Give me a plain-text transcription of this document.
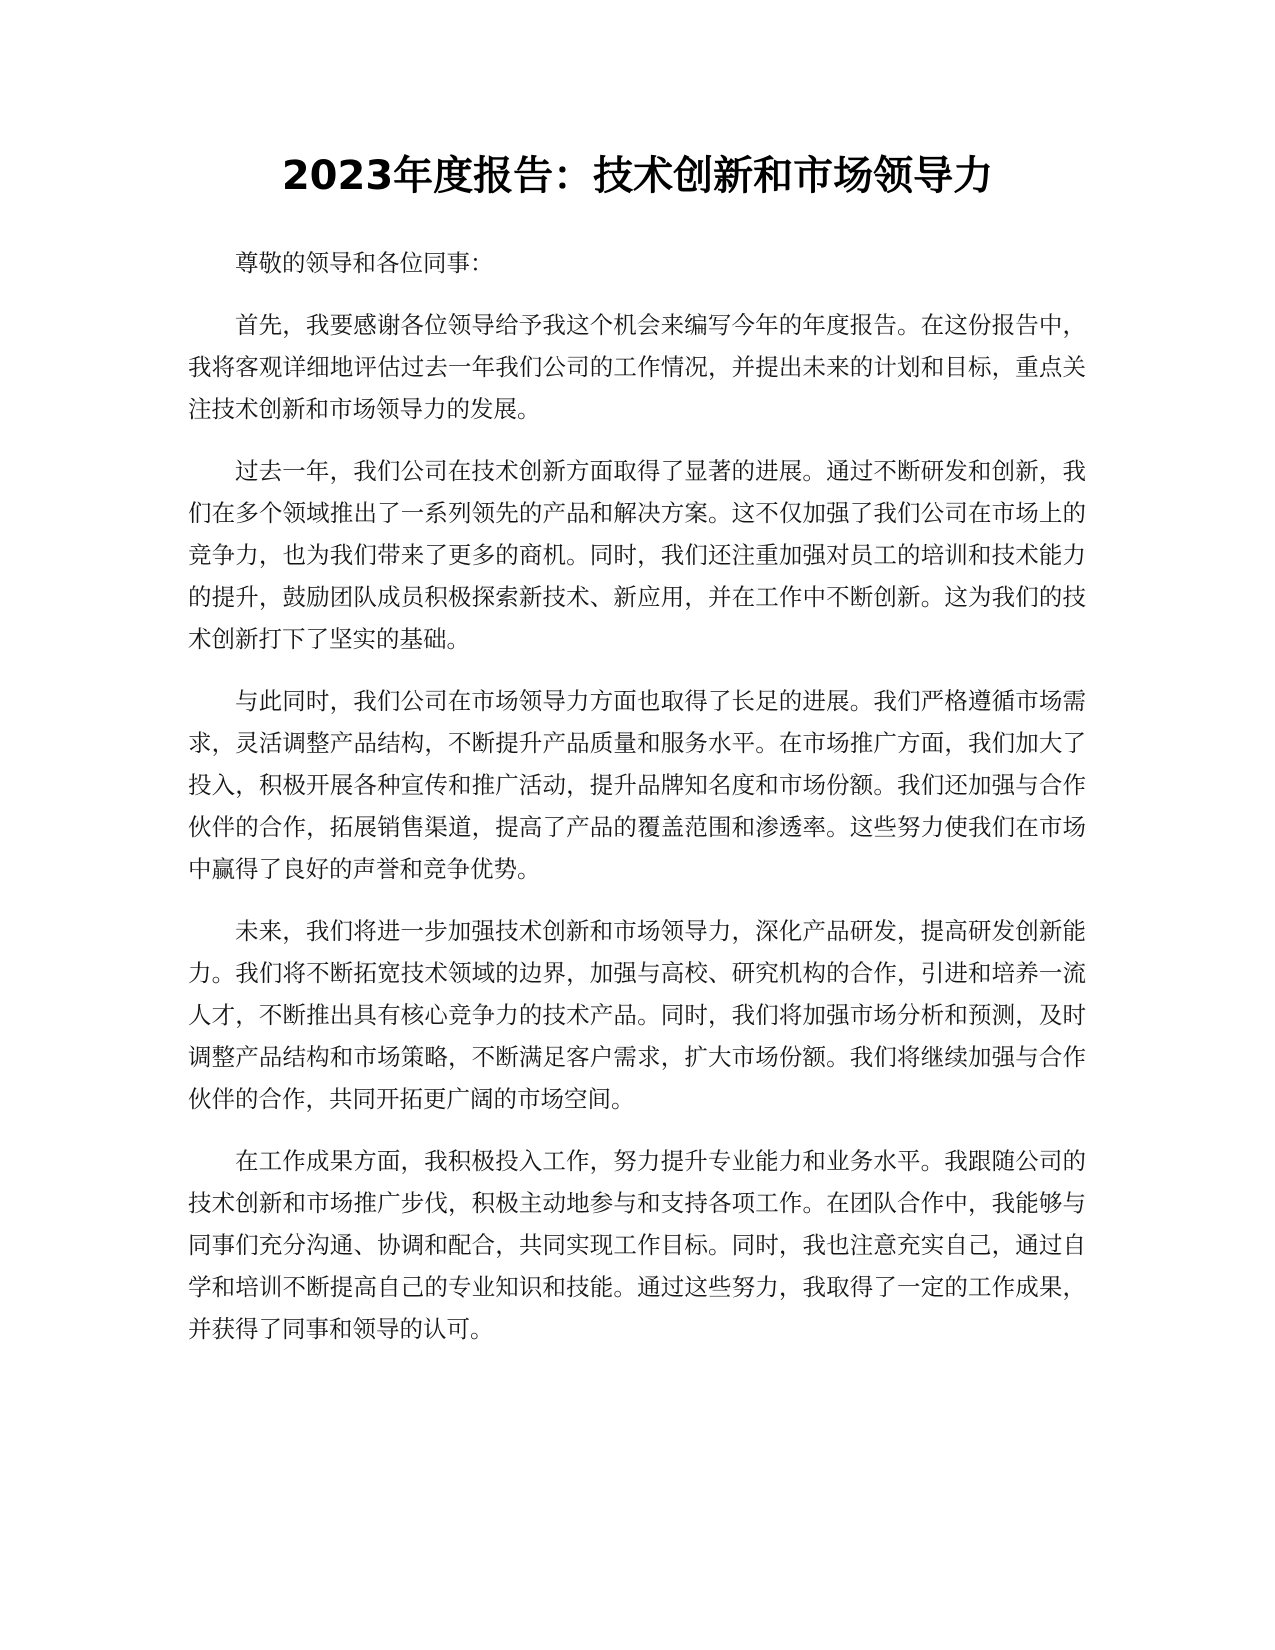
2023年度报告：技术创新和市场领导力

尊敬的领导和各位同事：

首先，我要感谢各位领导给予我这个机会来编写今年的年度报告。在这份报告中，我将客观详细地评估过去一年我们公司的工作情况，并提出未来的计划和目标，重点关注技术创新和市场领导力的发展。

过去一年，我们公司在技术创新方面取得了显著的进展。通过不断研发和创新，我们在多个领域推出了一系列领先的产品和解决方案。这不仅加强了我们公司在市场上的竞争力，也为我们带来了更多的商机。同时，我们还注重加强对员工的培训和技术能力的提升，鼓励团队成员积极探索新技术、新应用，并在工作中不断创新。这为我们的技术创新打下了坚实的基础。

与此同时，我们公司在市场领导力方面也取得了长足的进展。我们严格遵循市场需求，灵活调整产品结构，不断提升产品质量和服务水平。在市场推广方面，我们加大了投入，积极开展各种宣传和推广活动，提升品牌知名度和市场份额。我们还加强与合作伙伴的合作，拓展销售渠道，提高了产品的覆盖范围和渗透率。这些努力使我们在市场中赢得了良好的声誉和竞争优势。

未来，我们将进一步加强技术创新和市场领导力，深化产品研发，提高研发创新能力。我们将不断拓宽技术领域的边界，加强与高校、研究机构的合作，引进和培养一流人才，不断推出具有核心竞争力的技术产品。同时，我们将加强市场分析和预测，及时调整产品结构和市场策略，不断满足客户需求，扩大市场份额。我们将继续加强与合作伙伴的合作，共同开拓更广阔的市场空间。

在工作成果方面，我积极投入工作，努力提升专业能力和业务水平。我跟随公司的技术创新和市场推广步伐，积极主动地参与和支持各项工作。在团队合作中，我能够与同事们充分沟通、协调和配合，共同实现工作目标。同时，我也注意充实自己，通过自学和培训不断提高自己的专业知识和技能。通过这些努力，我取得了一定的工作成果，并获得了同事和领导的认可。
